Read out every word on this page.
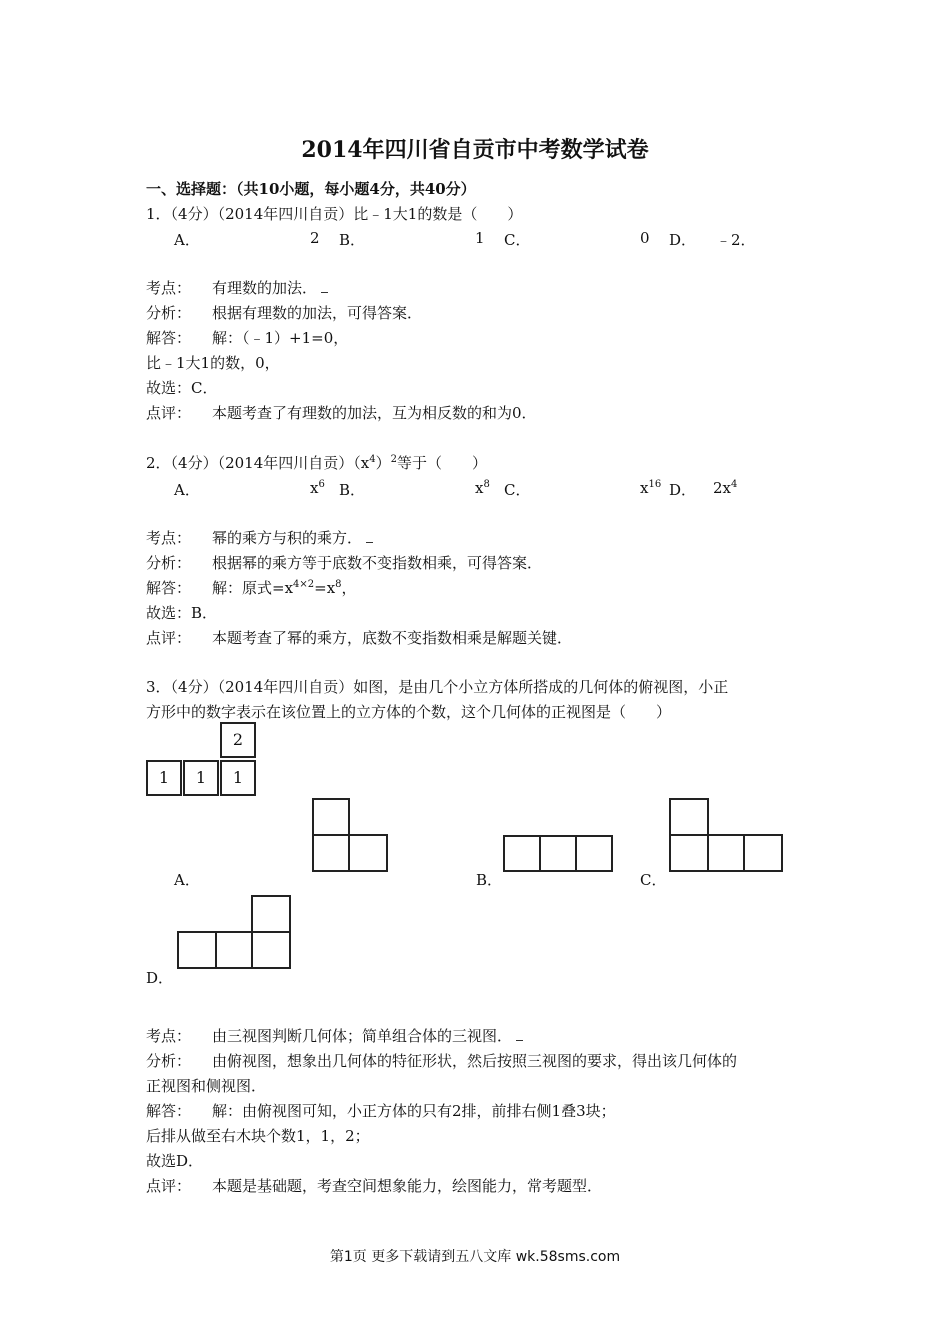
2014年四川省自贡市中考数学试卷
一、选择题：（共10小题，每小题4分，共40分）
1．（4分）（2014年四川自贡）比﹣1大1的数是（　　）
A．	2 B．	1 C．	0 D． ﹣2．
考点： 有理数的加法．
分析： 根据有理数的加法，可得答案．
解答： 解：（﹣1）+1=0，
比﹣1大1的数，0，
故选：C．
点评： 本题考查了有理数的加法，互为相反数的和为0．
2．（4分）（2014年四川自贡）$(x^4)^2$等于（　　）
A．	$x^6$ B．	$x^8$ C．	$x^{16}$ D． $2x^4$
考点： 幂的乘方与积的乘方．
分析： 根据幂的乘方等于底数不变指数相乘，可得答案．
解答： 解：原式$=x^{4\times 2}=x^8$，
故选：B．
点评： 本题考查了幂的乘方，底数不变指数相乘是解题关键．
3．（4分）（2014年四川自贡）如图，是由几个小立方体所搭成的几何体的俯视图，小正
方形中的数字表示在该位置上的立方体的个数，这个几何体的正视图是（　　）
2
1	1	1
A．	B．	C．
D．
考点： 由三视图判断几何体；简单组合体的三视图．
分析： 由俯视图，想象出几何体的特征形状，然后按照三视图的要求，得出该几何体的
正视图和侧视图．
解答： 解：由俯视图可知，小正方体的只有2排，前排右侧1叠3块；
后排从做至右木块个数1，1，2；
故选D．
点评： 本题是基础题，考查空间想象能力，绘图能力，常考题型．
第1页 更多下载请到五八文库 wk.58sms.com
